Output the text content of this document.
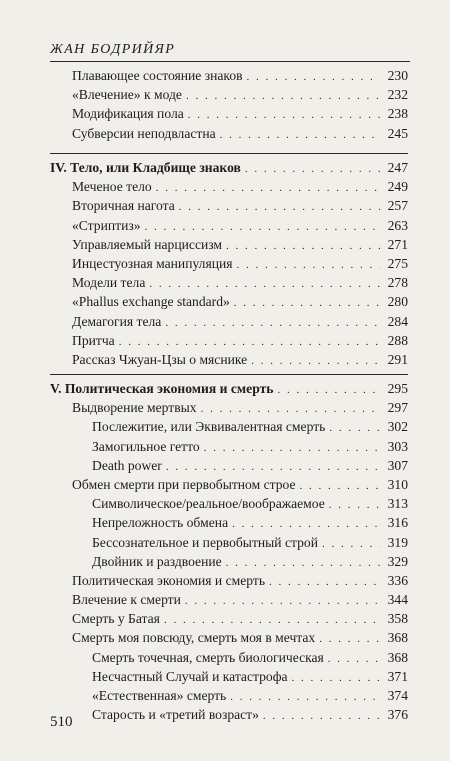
ЖАН БОДРИЙЯР
Плавающее состояние знаков . . .	230
«Влечение» к моде . . .	232
Модификация пола . . .	238
Субверсии неподвластна . . .	245
IV. Тело, или Кладбище знаков . . .	247
Меченое тело . . .	249
Вторичная нагота . . .	257
«Стриптиз» . . .	263
Управляемый нарциссизм . . .	271
Инцестуозная манипуляция . . .	275
Модели тела . . .	278
«Phallus exchange standard» . . .	280
Демагогия тела . . .	284
Притча . . .	288
Рассказ Чжуан-Цзы о мяснике . . .	291
V. Политическая экономия и смерть . . .	295
Выдворение мертвых . . .	297
Послежитие, или Эквивалентная смерть . . .	302
Замогильное гетто . . .	303
Death power . . .	307
Обмен смерти при первобытном строе . . .	310
Символическое/реальное/воображаемое . . .	313
Непреложность обмена . . .	316
Бессознательное и первобытный строй . . .	319
Двойник и раздвоение . . .	329
Политическая экономия и смерть . . .	336
Влечение к смерти . . .	344
Смерть у Батая . . .	358
Смерть моя повсюду, смерть моя в мечтах . . .	368
Смерть точечная, смерть биологическая . . .	368
Несчастный Случай и катастрофа . . .	371
«Естественная» смерть . . .	374
Старость и «третий возраст» . . .	376
510
